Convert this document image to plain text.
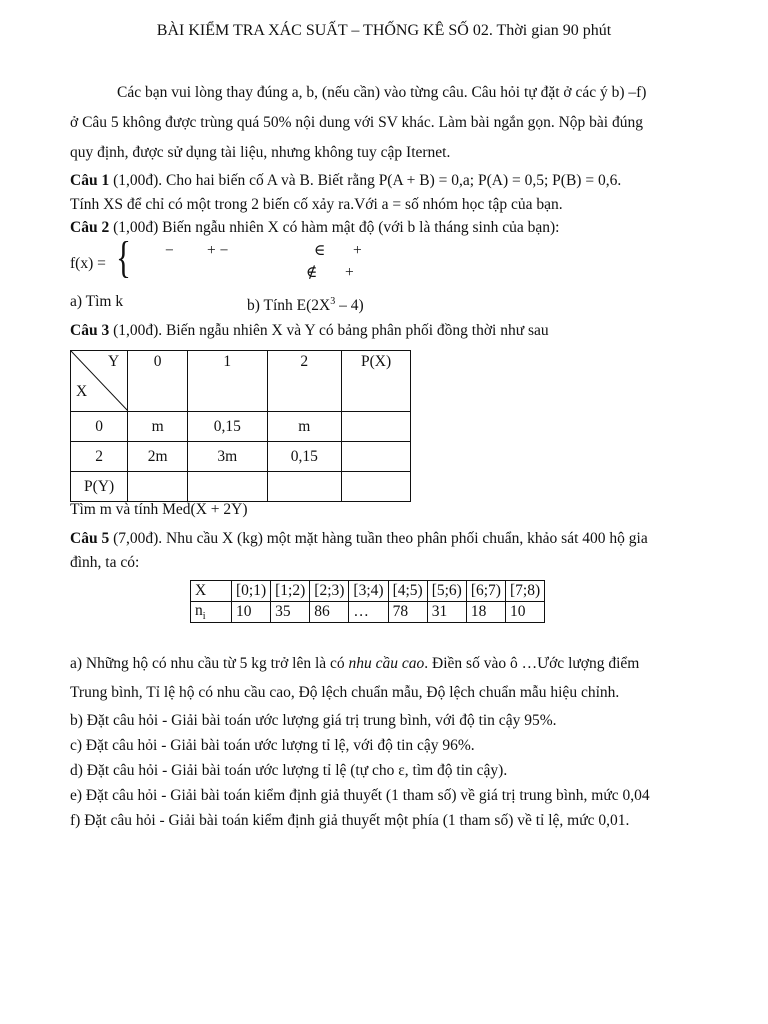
BÀI KIỂM TRA XÁC SUẤT – THỐNG KÊ SỐ 02. Thời gian 90 phút
Các bạn vui lòng thay đúng a, b, (nếu cần) vào từng câu. Câu hỏi tự đặt ở các ý b) –f)
ở Câu 5 không được trùng quá 50% nội dung với SV khác. Làm bài ngắn gọn. Nộp bài đúng
quy định, được sử dụng tài liệu, nhưng không tuy cập Iternet.
Câu 1 (1,00đ). Cho hai biến cố A và B. Biết rằng P(A + B) = 0,a; P(A) = 0,5; P(B) = 0,6.
Tính XS để chỉ có một trong 2 biến cố xảy ra.Với a = số nhóm học tập của bạn.
Câu 2 (1,00đ) Biến ngẫu nhiên X có hàm mật độ (với b là tháng sinh của bạn):
f(x) = { − + −	∈ +
∉ +
a) Tìm k	b) Tính $E(2X^3 - 4)$
Câu 3 (1,00đ). Biến ngẫu nhiên X và Y có bảng phân phối đồng thời như sau
Y
X	0	1	2	P(X)
0	m	0,15	m	
2	2m	3m	0,15	
P(Y)				
Tìm m và tính Med(X + 2Y)
Câu 5 (7,00đ). Nhu cầu X (kg) một mặt hàng tuần theo phân phối chuẩn, khảo sát 400 hộ gia
đình, ta có:
X	[0;1)	[1;2)	[2;3)	[3;4)	[4;5)	[5;6)	[6;7)	[7;8)
$n_i$	10	35	86	…	78	31	18	10
a) Những hộ có nhu cầu từ 5 kg trở lên là có nhu cầu cao. Điền số vào ô …Ước lượng điểm
Trung bình, Tỉ lệ hộ có nhu cầu cao, Độ lệch chuẩn mẫu, Độ lệch chuẩn mẫu hiệu chỉnh.
b) Đặt câu hỏi - Giải bài toán ước lượng giá trị trung bình, với độ tin cậy 95%.
c) Đặt câu hỏi - Giải bài toán ước lượng tỉ lệ, với độ tin cậy 96%.
d) Đặt câu hỏi - Giải bài toán ước lượng tỉ lệ (tự cho ε, tìm độ tin cậy).
e) Đặt câu hỏi - Giải bài toán kiểm định giả thuyết (1 tham số) về giá trị trung bình, mức 0,04
f) Đặt câu hỏi - Giải bài toán kiểm định giả thuyết một phía (1 tham số) về tỉ lệ, mức 0,01.
